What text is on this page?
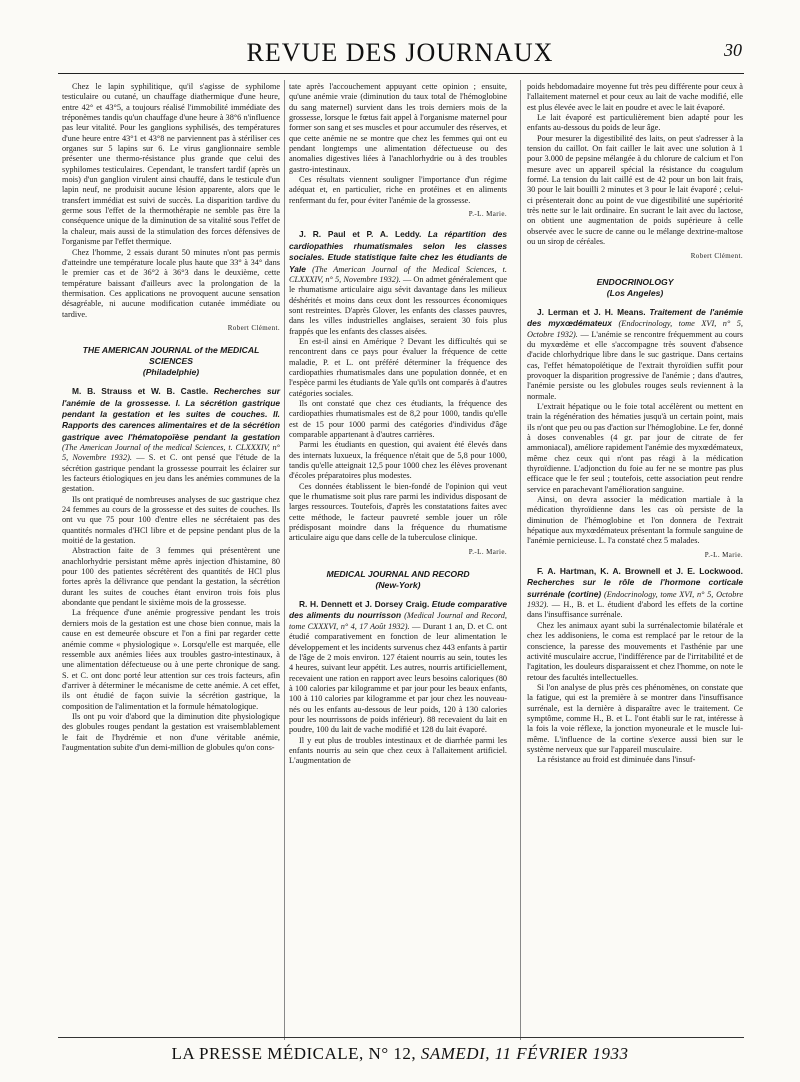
REVUE DES JOURNAUX	30

Chez le lapin syphilitique, qu'il s'agisse de syphilome testiculaire ou cutané, un chauffage diathermique d'une heure, entre 42° et 43°5, a toujours réalisé l'immobilité immédiate des tréponèmes tandis qu'un chauffage d'une heure à 38°6 n'influence pas leur vitalité. Pour les ganglions syphilisés, des températures d'une heure entre 43°1 et 43°8 ne parviennent pas à stériliser ces organes sur 5 lapins sur 6. Le virus ganglionnaire semble présenter une thermo-résistance plus grande que celui des syphilomes testiculaires. Cependant, le transfert tardif (après un mois) d'un ganglion virulent ainsi chauffé, dans le testicule d'un lapin neuf, ne produisit aucune lésion apparente, alors que le transfert immédiat est suivi de succès. La disparition tardive du germe sous l'effet de la thermothérapie ne semble pas être la conséquence unique de la diminution de sa vitalité sous l'effet de la chaleur, mais aussi de la stimulation des forces défensives de l'organisme par l'effet thermique.

Chez l'homme, 2 essais durant 50 minutes n'ont pas permis d'atteindre une température locale plus haute que 33° à 34° dans le premier cas et de 36°2 à 36°3 dans le deuxième, cette température baissant d'ailleurs avec la prolongation de la thermisation. Ces applications ne provoquent aucune sensation désagréable, ni aucune modification cutanée immédiate ou tardive.

Robert Clément.

THE AMERICAN JOURNAL of the MEDICAL SCIENCES

(Philadelphie)

M. B. Strauss et W. B. Castle. Recherches sur l'anémie de la grossesse. I. La sécrétion gastrique pendant la gestation et les suites de couches. II. Rapports des carences alimentaires et de la sécrétion gastrique avec l'hématopoïèse pendant la gestation (The American Journal of the medical Sciences, t. CLXXXIV, n° 5, Novembre 1932). — S. et C. ont pensé que l'étude de la sécrétion gastrique pendant la grossesse pourrait les éclairer sur les facteurs étiologiques en jeu dans les anémies communes de la gestation.

Ils ont pratiqué de nombreuses analyses de suc gastrique chez 24 femmes au cours de la grossesse et des suites de couches. Ils ont vu que 75 pour 100 d'entre elles ne sécrétaient pas des quantités normales d'HCl libre et de pepsine pendant plus de la moitié de la gestation.

Abstraction faite de 3 femmes qui présentèrent une anachlorhydrie persistant même après injection d'histamine, 80 pour 100 des patientes sécrétèrent des quantités de HCl plus fortes après la délivrance que pendant la gestation, la sécrétion durant les suites de couches étant environ trois fois plus abondante que pendant le sixième mois de la grossesse.

La fréquence d'une anémie progressive pendant les trois derniers mois de la gestation est une chose bien connue, mais la cause en est demeurée obscure et l'on a fini par regarder cette anémie comme « physiologique ». Lorsqu'elle est marquée, elle ressemble aux anémies liées aux troubles gastro-intestinaux, à une alimentation défectueuse ou à une perte chronique de sang. S. et C. ont donc porté leur attention sur ces trois facteurs, afin d'arriver à déterminer le mécanisme de cette anémie. A cet effet, ils ont étudié de façon suivie la sécrétion gastrique, la composition de l'alimentation et la formule hématologique.

Ils ont pu voir d'abord que la diminution dite physiologique des globules rouges pendant la gestation est vraisemblablement le fait de l'hydrémie et non d'une véritable anémie, l'augmentation subite d'un demi-million de globules qu'on cons-

tate après l'accouchement appuyant cette opinion ; ensuite, qu'une anémie vraie (diminution du taux total de l'hémoglobine du sang maternel) survient dans les trois derniers mois de la grossesse, lorsque le fœtus fait appel à l'organisme maternel pour former son sang et ses muscles et pour accumuler des réserves, et que cette anémie ne se montre que chez les femmes qui ont eu pendant longtemps une alimentation défectueuse ou des anomalies digestives liées à l'anachlorhydrie ou à des troubles gastro-intestinaux.

Ces résultats viennent souligner l'importance d'un régime adéquat et, en particulier, riche en protéines et en aliments renfermant du fer, pour éviter l'anémie de la grossesse.

P.-L. Marie.

J. R. Paul et P. A. Leddy. La répartition des cardiopathies rhumatismales selon les classes sociales. Etude statistique faite chez les étudiants de Yale (The American Journal of the Medical Sciences, t. CLXXXIV, n° 5, Novembre 1932). — On admet généralement que le rhumatisme articulaire aigu sévit davantage dans les milieux déshérités et moins dans ceux dont les ressources économiques sont restreintes. D'après Glover, les enfants des classes pauvres, dans les villes industrielles anglaises, seraient 30 fois plus frappés que les enfants des classes aisées.

En est-il ainsi en Amérique ? Devant les difficultés qui se rencontrent dans ce pays pour évaluer la fréquence de cette maladie, P. et L. ont préféré déterminer la fréquence des cardiopathies rhumatismales dans une population donnée, et en l'espèce parmi les étudiants de Yale qu'ils ont comparés à d'autres catégories sociales.

Ils ont constaté que chez ces étudiants, la fréquence des cardiopathies rhumatismales est de 8,2 pour 1000, tandis qu'elle est de 15 pour 1000 parmi des catégories d'individus d'âge comparable appartenant à d'autres carrières.

Parmi les étudiants en question, qui avaient été élevés dans des internats luxueux, la fréquence n'était que de 5,8 pour 1000, tandis qu'elle atteignait 12,5 pour 1000 chez les élèves provenant d'écoles préparatoires plus modestes.

Ces données établissent le bien-fondé de l'opinion qui veut que le rhumatisme soit plus rare parmi les individus disposant de larges ressources. Toutefois, d'après les constatations faites avec cette méthode, le facteur pauvreté semble jouer un rôle prédisposant moindre dans la fréquence du rhumatisme articulaire aigu que dans celle de la tuberculose clinique.

P.-L. Marie.

MEDICAL JOURNAL AND RECORD

(New-York)

R. H. Dennett et J. Dorsey Craig. Etude comparative des aliments du nourrisson (Medical Journal and Record, tome CXXXVI, n° 4, 17 Août 1932). — Durant 1 an, D. et C. ont étudié comparativement en fonction de leur alimentation le développement et les incidents survenus chez 443 enfants à partir de l'âge de 2 mois environ. 127 étaient nourris au sein, toutes les 4 heures, suivant leur appétit. Les autres, nourris artificiellement, recevaient une ration en rapport avec leurs besoins caloriques (80 à 100 calories par kilogramme et par jour pour les beaux enfants, 100 à 110 calories par kilogramme et par jour chez les nouveau-nés ou les enfants au-dessous de leur poids, 120 à 130 calories pour les nourrissons de poids inférieur). 88 recevaient du lait en poudre, 100 du lait de vache modifié et 128 du lait évaporé.

Il y eut plus de troubles intestinaux et de diarrhée parmi les enfants nourris au sein que chez ceux à l'allaitement artificiel. L'augmentation de

poids hebdomadaire moyenne fut très peu différente pour ceux à l'allaitement maternel et pour ceux au lait de vache modifié, elle est plus élevée avec le lait en poudre et avec le lait évaporé.

Le lait évaporé est particulièrement bien adapté pour les enfants au-dessous du poids de leur âge.

Pour mesurer la digestibilité des laits, on peut s'adresser à la tension du caillot. On fait cailler le lait avec une solution à 1 pour 3.000 de pepsine mélangée à du chlorure de calcium et l'on mesure avec un appareil spécial la résistance du coagulum formé. La tension du lait caillé est de 42 pour un bon lait frais, 30 pour le lait bouilli 2 minutes et 3 pour le lait évaporé ; celui-ci présenterait donc au point de vue digestibilité une supériorité très nette sur le lait ordinaire. En sucrant le lait avec du lactose, on obtient une augmentation de poids supérieure à celle observée avec le sucre de canne ou le mélange dextrine-maltose ou un sirop de céréales.

Robert Clément.

ENDOCRINOLOGY

(Los Angeles)

J. Lerman et J. H. Means. Traitement de l'anémie des myxœdémateux (Endocrinology, tome XVI, n° 5, Octobre 1932). — L'anémie se rencontre fréquemment au cours du myxœdème et elle s'accompagne très souvent d'absence d'acide chlorhydrique libre dans le suc gastrique. Dans certains cas, l'effet hématopoïétique de l'extrait thyroïdien suffit pour provoquer la disparition progressive de l'anémie ; dans d'autres, l'anémie persiste ou les globules rouges seuls reviennent à la normale.

L'extrait hépatique ou le foie total accélèrent ou mettent en train la régénération des hématies jusqu'à un certain point, mais ils n'ont que peu ou pas d'action sur l'hémoglobine. Le fer, donné à doses convenables (4 gr. par jour de citrate de fer ammoniacal), améliore rapidement l'anémie des myxœdémateux, même chez ceux qui n'ont pas réagi à la médication thyroïdienne. L'adjonction du foie au fer ne se montre pas plus efficace que le fer seul ; toutefois, cette association peut rendre service en parachevant l'amélioration sanguine.

Ainsi, on devra associer la médication martiale à la médication thyroïdienne dans les cas où persiste de la diminution de l'hémoglobine et l'on donnera de l'extrait hépatique aux myxœdémateux présentant la formule sanguine de l'anémie pernicieuse. L. l'a constaté chez 5 malades.

P.-L. Marie.

F. A. Hartman, K. A. Brownell et J. E. Lockwood. Recherches sur le rôle de l'hormone corticale surrénale (cortine) (Endocrinology, tome XVI, n° 5, Octobre 1932). — H., B. et L. étudient d'abord les effets de la cortine dans l'insuffisance surrénale.

Chez les animaux ayant subi la surrénalectomie bilatérale et chez les addisoniens, le coma est remplacé par le retour de la conscience, la paresse des mouvements et l'asthénie par une activité musculaire accrue, l'indifférence par de l'irritabilité et de l'agitation, les douleurs disparaissent et chez l'homme, on note le retour des facultés intellectuelles.

Si l'on analyse de plus près ces phénomènes, on constate que la fatigue, qui est la première à se montrer dans l'insuffisance surrénale, est la dernière à disparaître avec le traitement. Ce symptôme, comme H., B. et L. l'ont établi sur le rat, intéresse à la fois la voie réflexe, la jonction myoneurale et le muscle lui-même. L'influence de la cortine s'exerce aussi bien sur le système nerveux que sur l'appareil musculaire.

La résistance au froid est diminuée dans l'insuf-

LA PRESSE MÉDICALE, N° 12, SAMEDI, 11 FÉVRIER 1933
